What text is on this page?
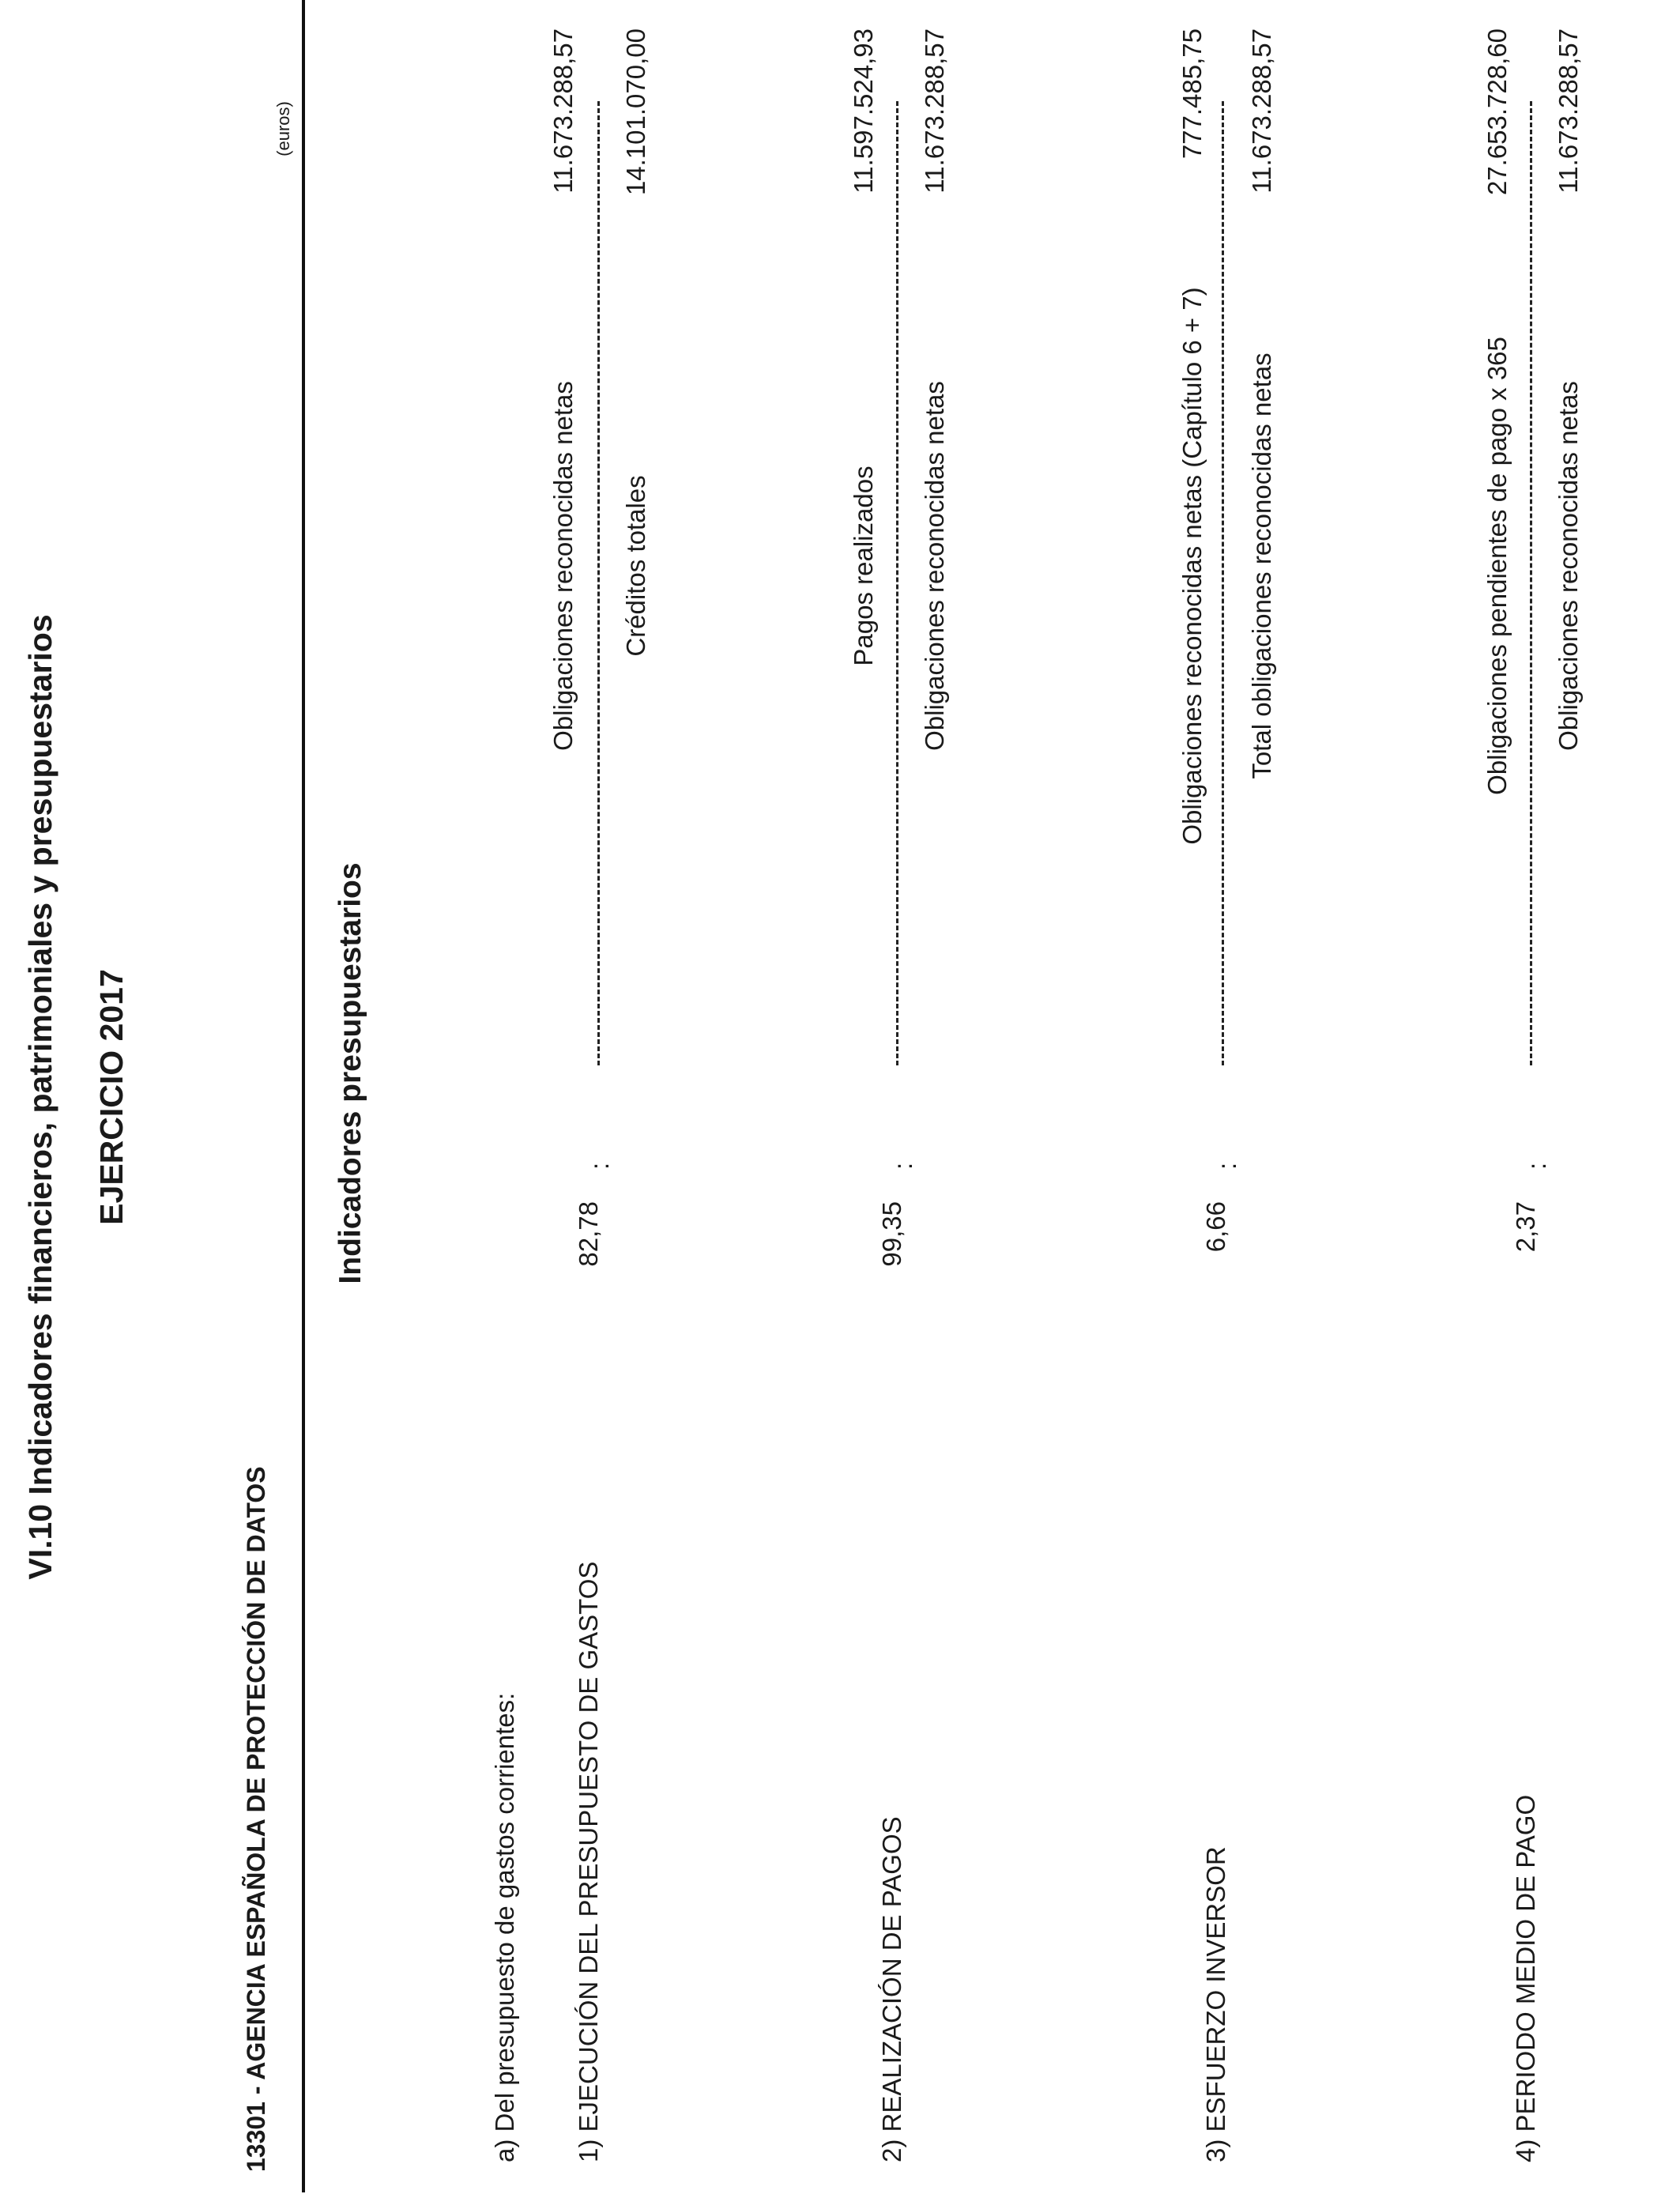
VI.10 Indicadores financieros, patrimoniales y presupuestarios EJERCICIO 2017
13301 - AGENCIA ESPAÑOLA DE PROTECCIÓN DE DATOS
Indicadores presupuestarios
(euros)
a) Del presupuesto de gastos corrientes: 1) EJECUCIÓN DEL PRESUPUESTO DE GASTOS
82,78
:
Obligaciones reconocidas netas Créditos totales
11.673.288,57 14.101.070,00
2) REALIZACIÓN DE PAGOS
99,35
:
Pagos realizados Obligaciones reconocidas netas
11.597.524,93 11.673.288,57
3) ESFUERZO INVERSOR
6,66
:
Obligaciones reconocidas netas (Capítulo 6 + 7) Total obligaciones reconocidas netas
777.485,75 11.673.288,57
4) PERIODO MEDIO DE PAGO
2,37
:
Obligaciones pendientes de pago x 365 Obligaciones reconocidas netas
27.653.728,60 11.673.288,57
